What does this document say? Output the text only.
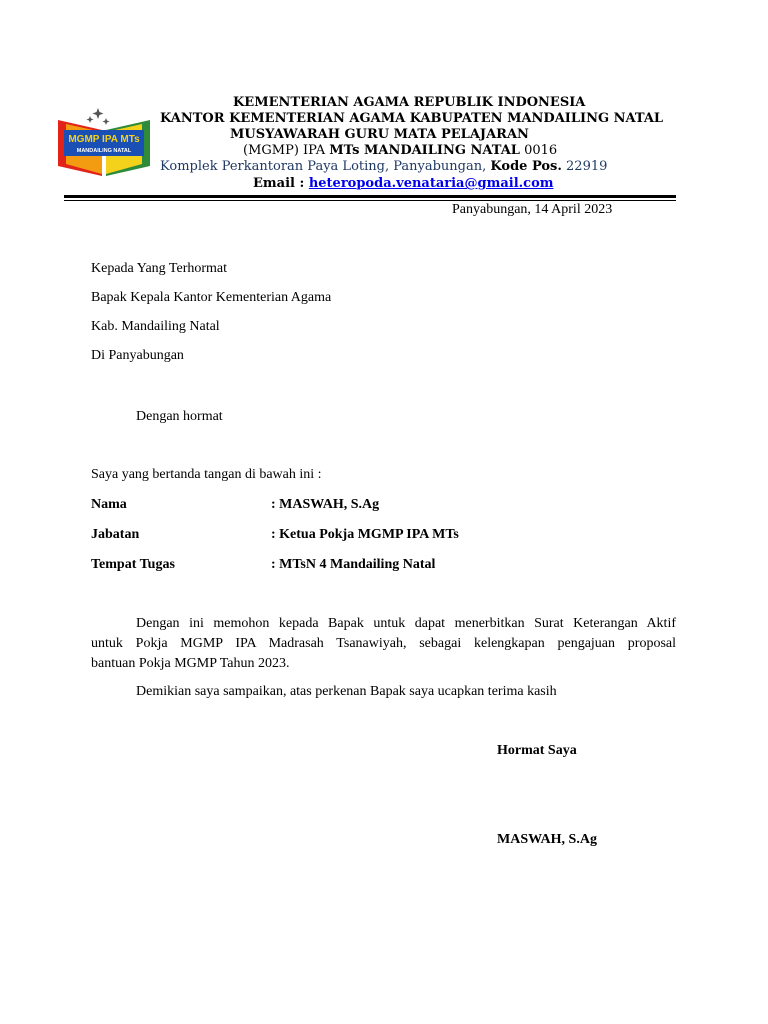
MGMP IPA MTs
MANDAILING NATAL
KEMENTERIAN AGAMA REPUBLIK INDONESIA
KANTOR KEMENTERIAN AGAMA KABUPATEN MANDAILING NATAL
MUSYAWARAH GURU MATA PELAJARAN
(MGMP) IPA MTs MANDAILING NATAL 0016
Komplek Perkantoran Paya Loting, Panyabungan, Kode Pos. 22919
Email : heteropoda.venataria@gmail.com
Panyabungan, 14 April 2023
Kepada Yang Terhormat
Bapak Kepala Kantor Kementerian Agama
Kab. Mandailing Natal
Di Panyabungan
Dengan hormat
Saya yang bertanda tangan di bawah ini :
Nama	: MASWAH, S.Ag
Jabatan	: Ketua Pokja MGMP IPA MTs
Tempat Tugas	: MTsN 4 Mandailing Natal
Dengan ini memohon kepada Bapak untuk dapat menerbitkan Surat Keterangan Aktif
untuk Pokja MGMP IPA Madrasah Tsanawiyah, sebagai kelengkapan pengajuan proposal
bantuan Pokja MGMP Tahun 2023.
Demikian saya sampaikan, atas perkenan Bapak saya ucapkan terima kasih
Hormat Saya
MASWAH, S.Ag
